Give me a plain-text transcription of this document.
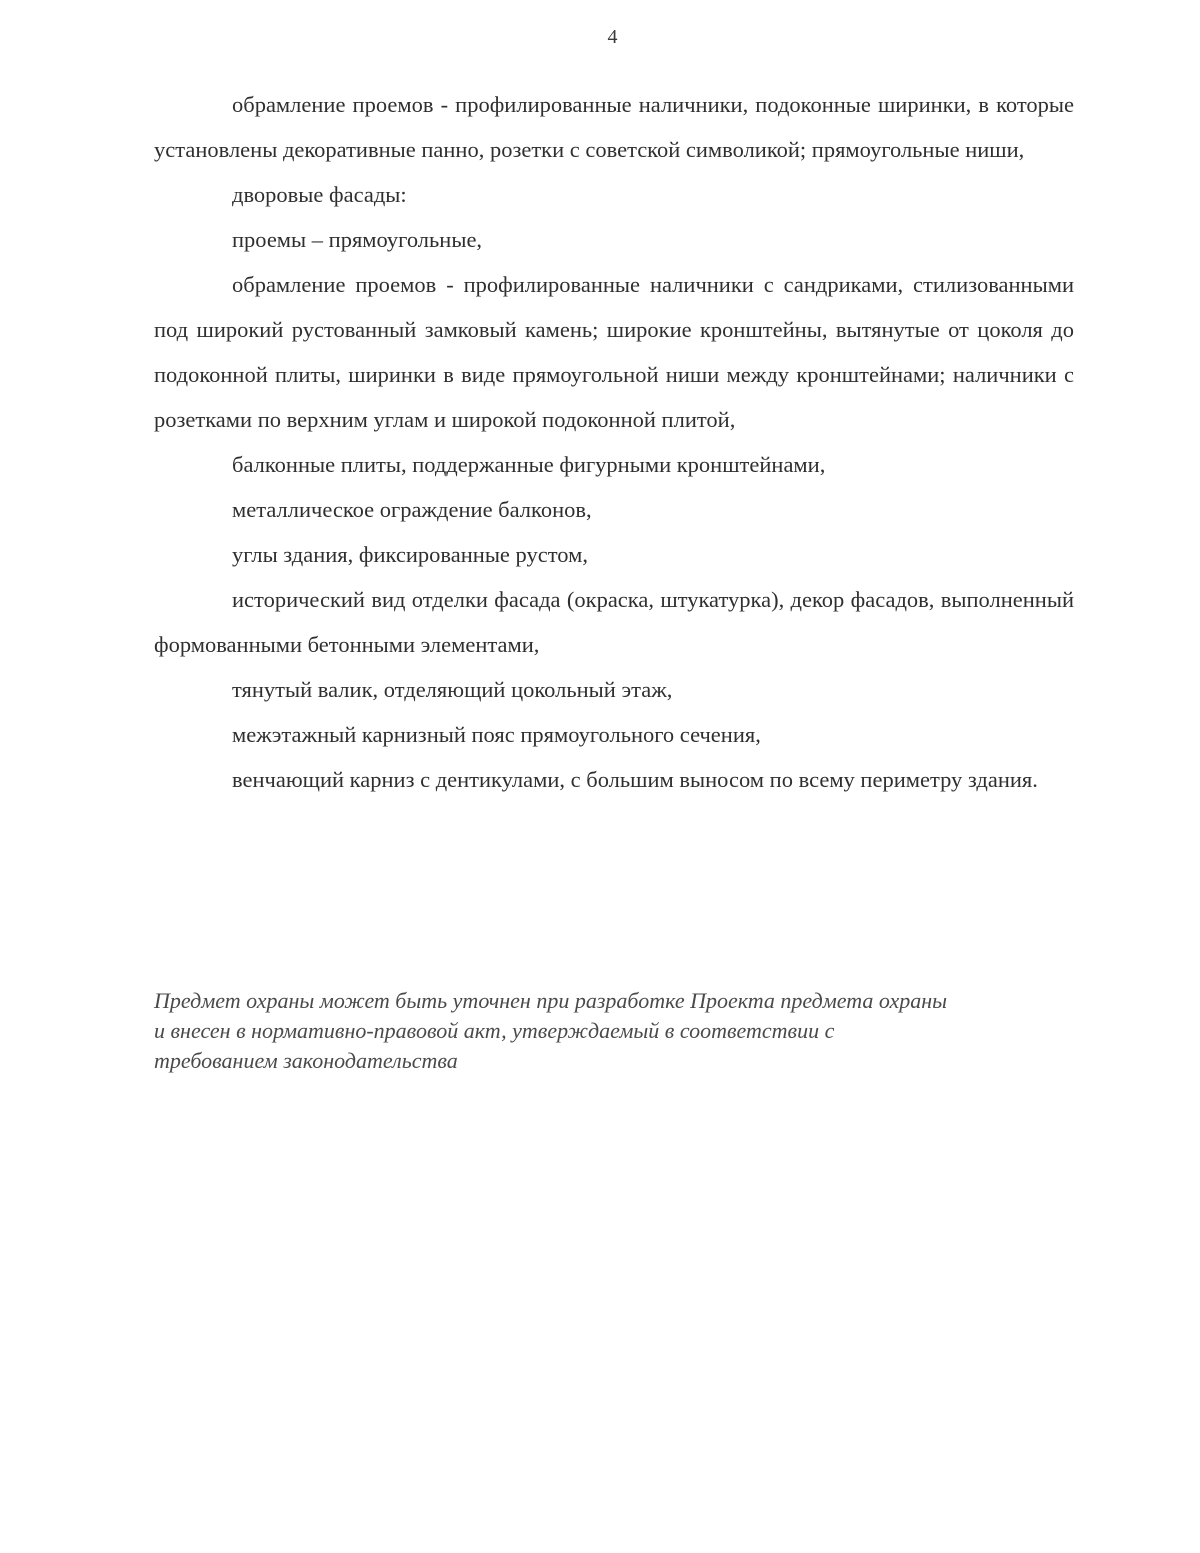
4

обрамление проемов - профилированные наличники, подоконные ширинки, в которые установлены декоративные панно, розетки с советской символикой; прямоугольные ниши,

дворовые фасады:

проемы – прямоугольные,

обрамление проемов - профилированные наличники с сандриками, стилизованными под широкий рустованный замковый камень; широкие кронштейны, вытянутые от цоколя до подоконной плиты, ширинки в виде прямоугольной ниши между кронштейнами; наличники с розетками по верхним углам и широкой подоконной плитой,

балконные плиты, поддержанные фигурными кронштейнами,

металлическое ограждение балконов,

углы здания, фиксированные рустом,

исторический вид отделки фасада (окраска, штукатурка), декор фасадов, выполненный формованными бетонными элементами,

тянутый валик, отделяющий цокольный этаж,

межэтажный карнизный пояс прямоугольного сечения,

венчающий карниз с дентикулами, с большим выносом по всему периметру здания.

Предмет охраны может быть уточнен при разработке Проекта предмета охраны
и внесен в нормативно-правовой акт, утверждаемый в соответствии с
требованием законодательства
